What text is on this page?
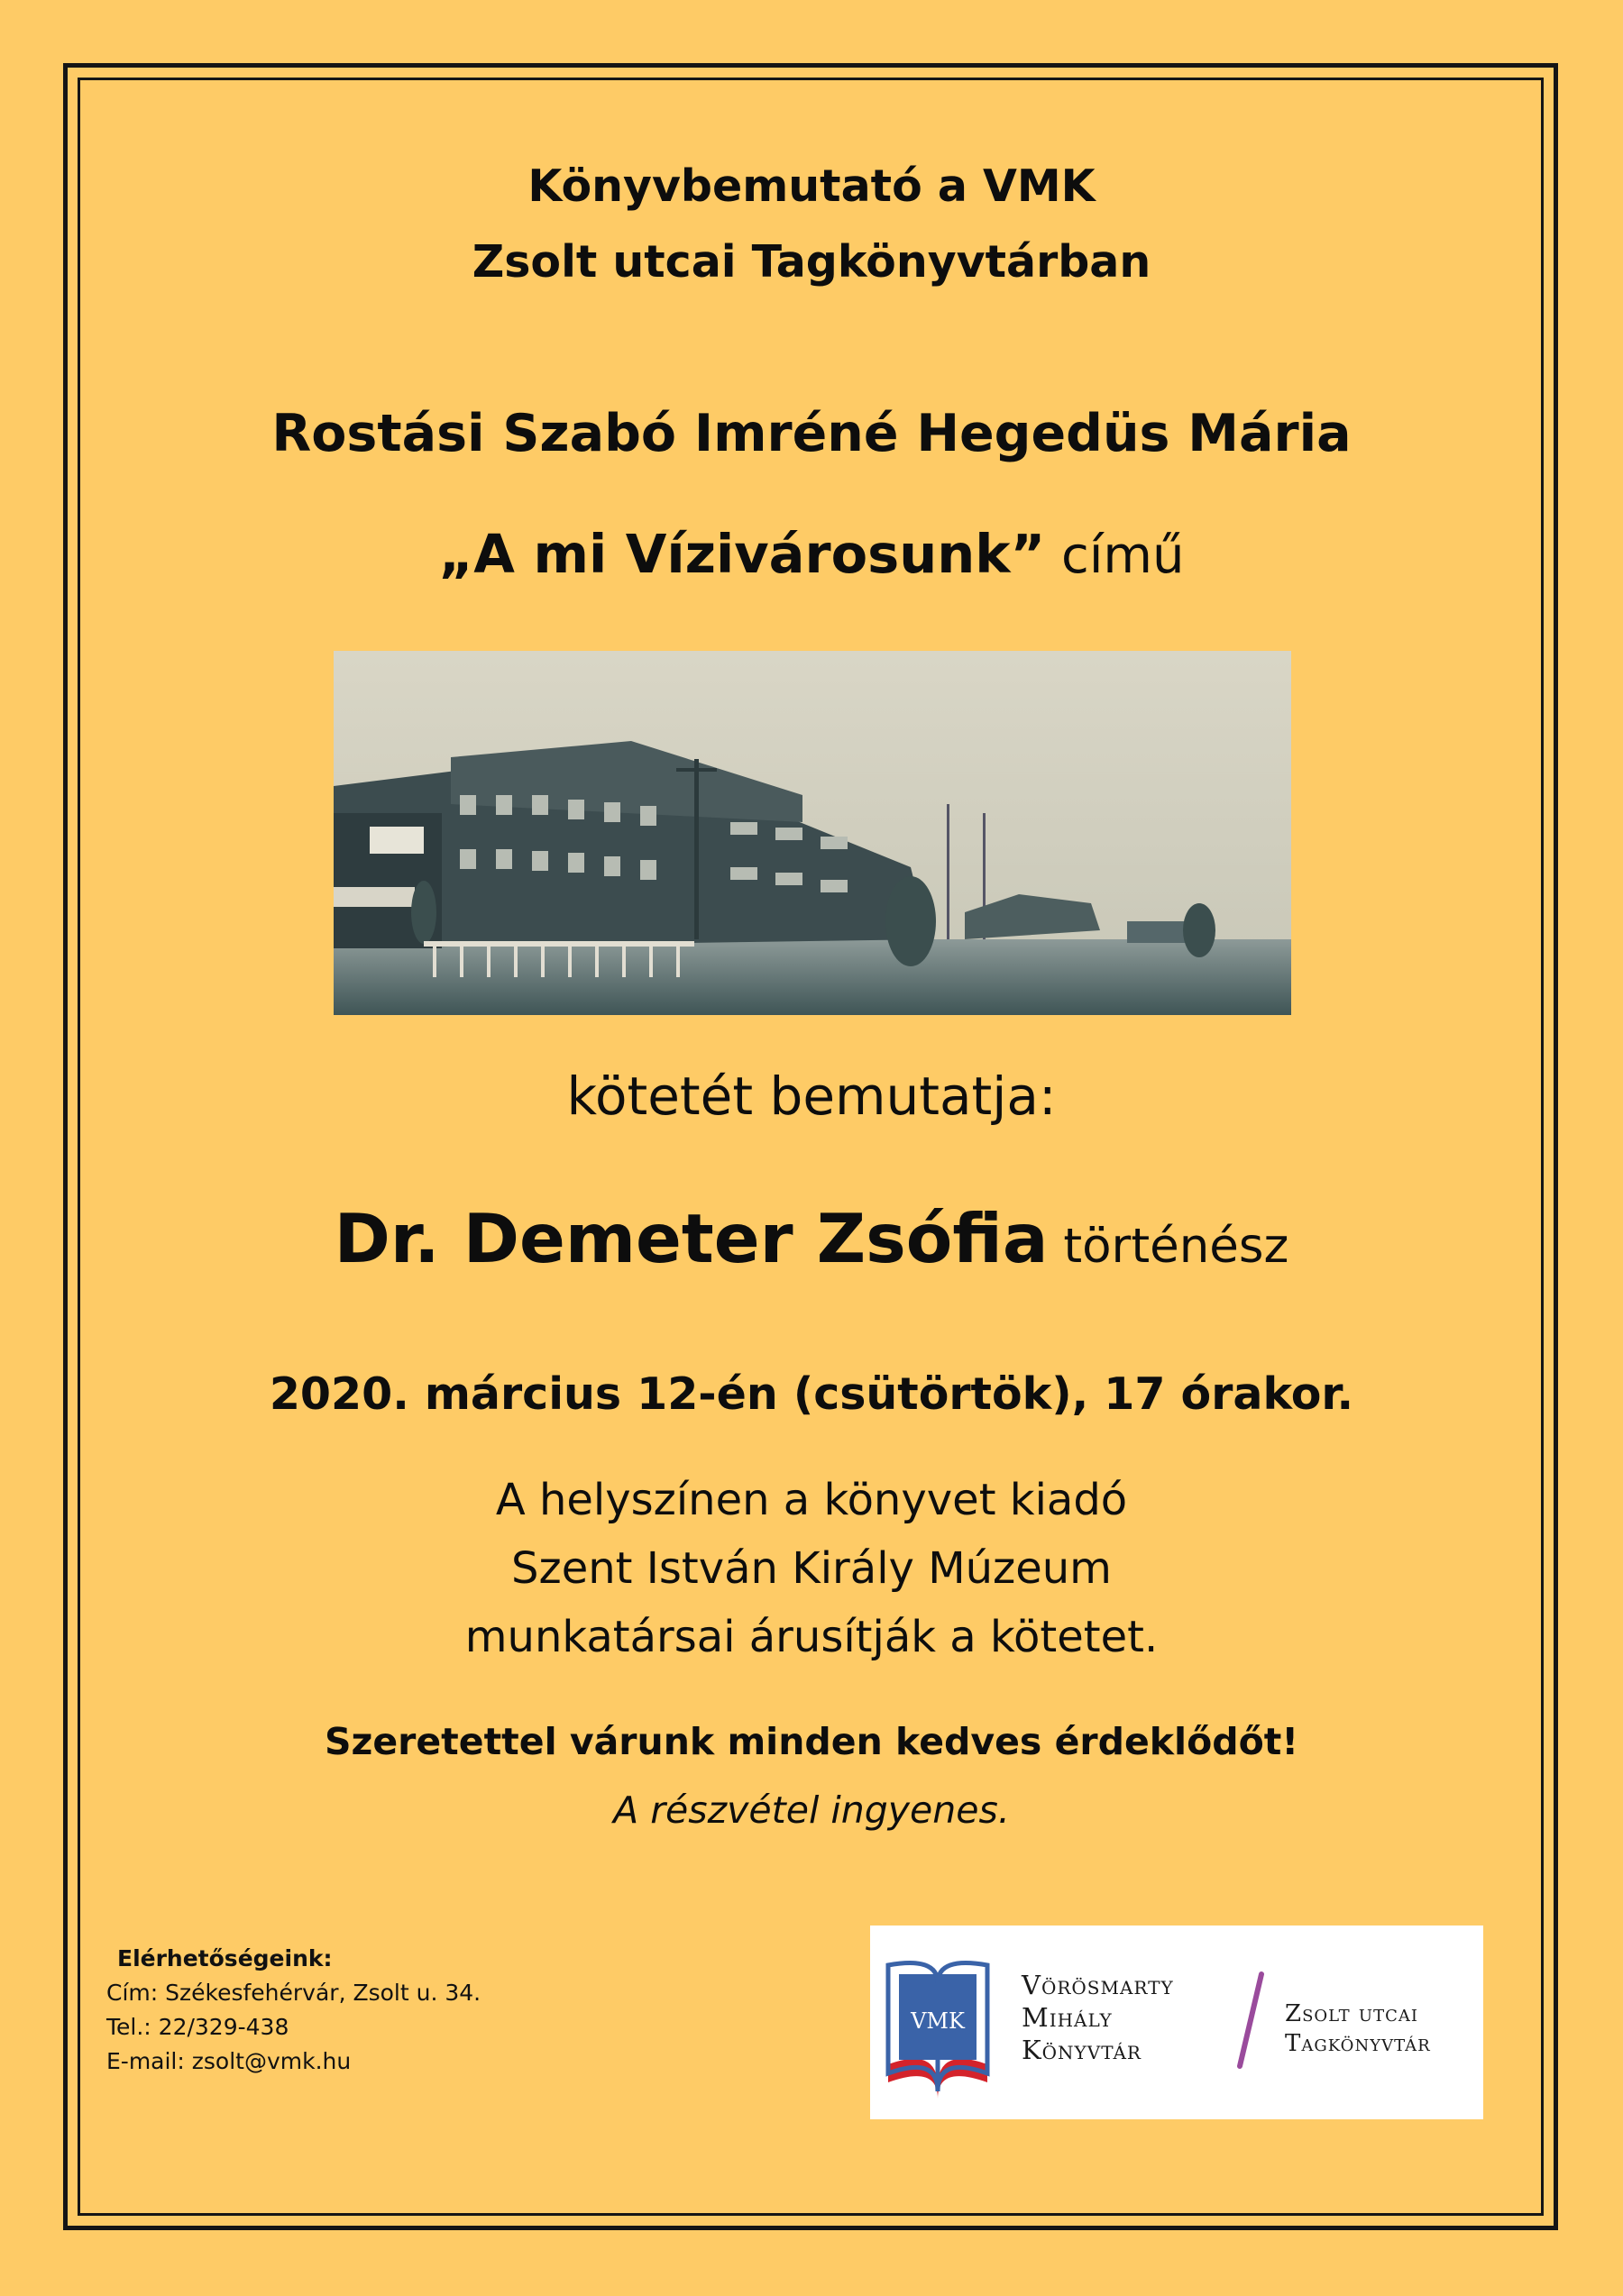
Könyvbemutató a VMK
Zsolt utcai Tagkönyvtárban
Rostási Szabó Imréné Hegedüs Mária
„A mi Vízivárosunk” című
kötetét bemutatja:
Dr. Demeter Zsófia történész
2020. március 12-én (csütörtök), 17 órakor.
A helyszínen a könyvet kiadó
Szent István Király Múzeum
munkatársai árusítják a kötetet.
Szeretettel várunk minden kedves érdeklődőt!
A részvétel ingyenes.
Elérhetőségeink:
Cím: Székesfehérvár, Zsolt u. 34.
Tel.: 22/329-438
E-mail: zsolt@vmk.hu
VMK
Vörösmarty
Mihály
Könyvtár
Zsolt utcai
Tagkönyvtár
